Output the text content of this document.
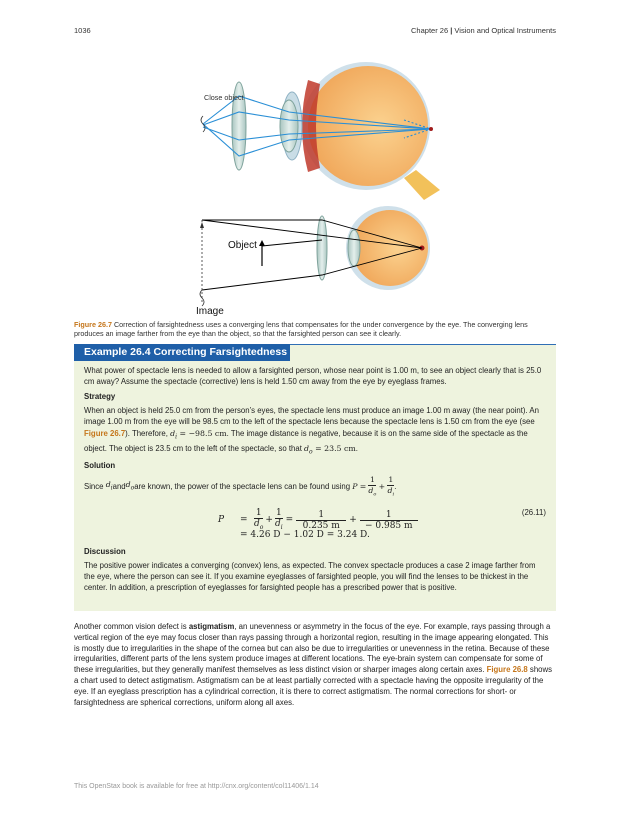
1036	Chapter 26 | Vision and Optical Instruments
Close object
Object
Image
Figure 26.7 Correction of farsightedness uses a converging lens that compensates for the under convergence by the eye. The converging lens produces an image farther from the eye than the object, so that the farsighted person can see it clearly.
Example 26.4 Correcting Farsightedness
What power of spectacle lens is needed to allow a farsighted person, whose near point is 1.00 m, to see an object clearly that is 25.0 cm away? Assume the spectacle (corrective) lens is held 1.50 cm away from the eye by eyeglass frames.
Strategy
When an object is held 25.0 cm from the person’s eyes, the spectacle lens must produce an image 1.00 m away (the near point). An image 1.00 m from the eye will be 98.5 cm to the left of the spectacle lens because the spectacle lens is 1.50 cm from the eye (see Figure 26.7). Therefore, $d_i = -98.5$ cm. The image distance is negative, because it is on the same side of the spectacle as the object. The object is 23.5 cm to the left of the spectacle, so that $d_o = 23.5$ cm.
Solution
Since
$d_i$ and $d_o$ are known, the power of the spectacle lens can be found using
P
=
$\frac{1}{d_o}$
+
$\frac{1}{d_i}$ .
P	= $\frac{1}{d_o} + \frac{1}{d_i} = \frac{1}{0.235 m} + \frac{1}{- 0.985 m}$	(26.11)
= 4.26 D − 1.02 D = 3.24 D.
Discussion
The positive power indicates a converging (convex) lens, as expected. The convex spectacle produces a case 2 image farther from the eye, where the person can see it. If you examine eyeglasses of farsighted people, you will find the lenses to be thickest in the center. In addition, a prescription of eyeglasses for farsighted people has a prescribed power that is positive.
Another common vision defect is astigmatism, an unevenness or asymmetry in the focus of the eye. For example, rays passing through a vertical region of the eye may focus closer than rays passing through a horizontal region, resulting in the image appearing elongated. This is mostly due to irregularities in the shape of the cornea but can also be due to irregularities or unevenness in the retina. Because of these irregularities, different parts of the lens system produce images at different locations. The eye-brain system can compensate for some of these irregularities, but they generally manifest themselves as less distinct vision or sharper images along certain axes. Figure 26.8 shows a chart used to detect astigmatism. Astigmatism can be at least partially corrected with a spectacle having the opposite irregularity of the eye. If an eyeglass prescription has a cylindrical correction, it is there to correct astigmatism. The normal corrections for short- or farsightedness are spherical corrections, uniform along all axes.
This OpenStax book is available for free at http://cnx.org/content/col11406/1.14
